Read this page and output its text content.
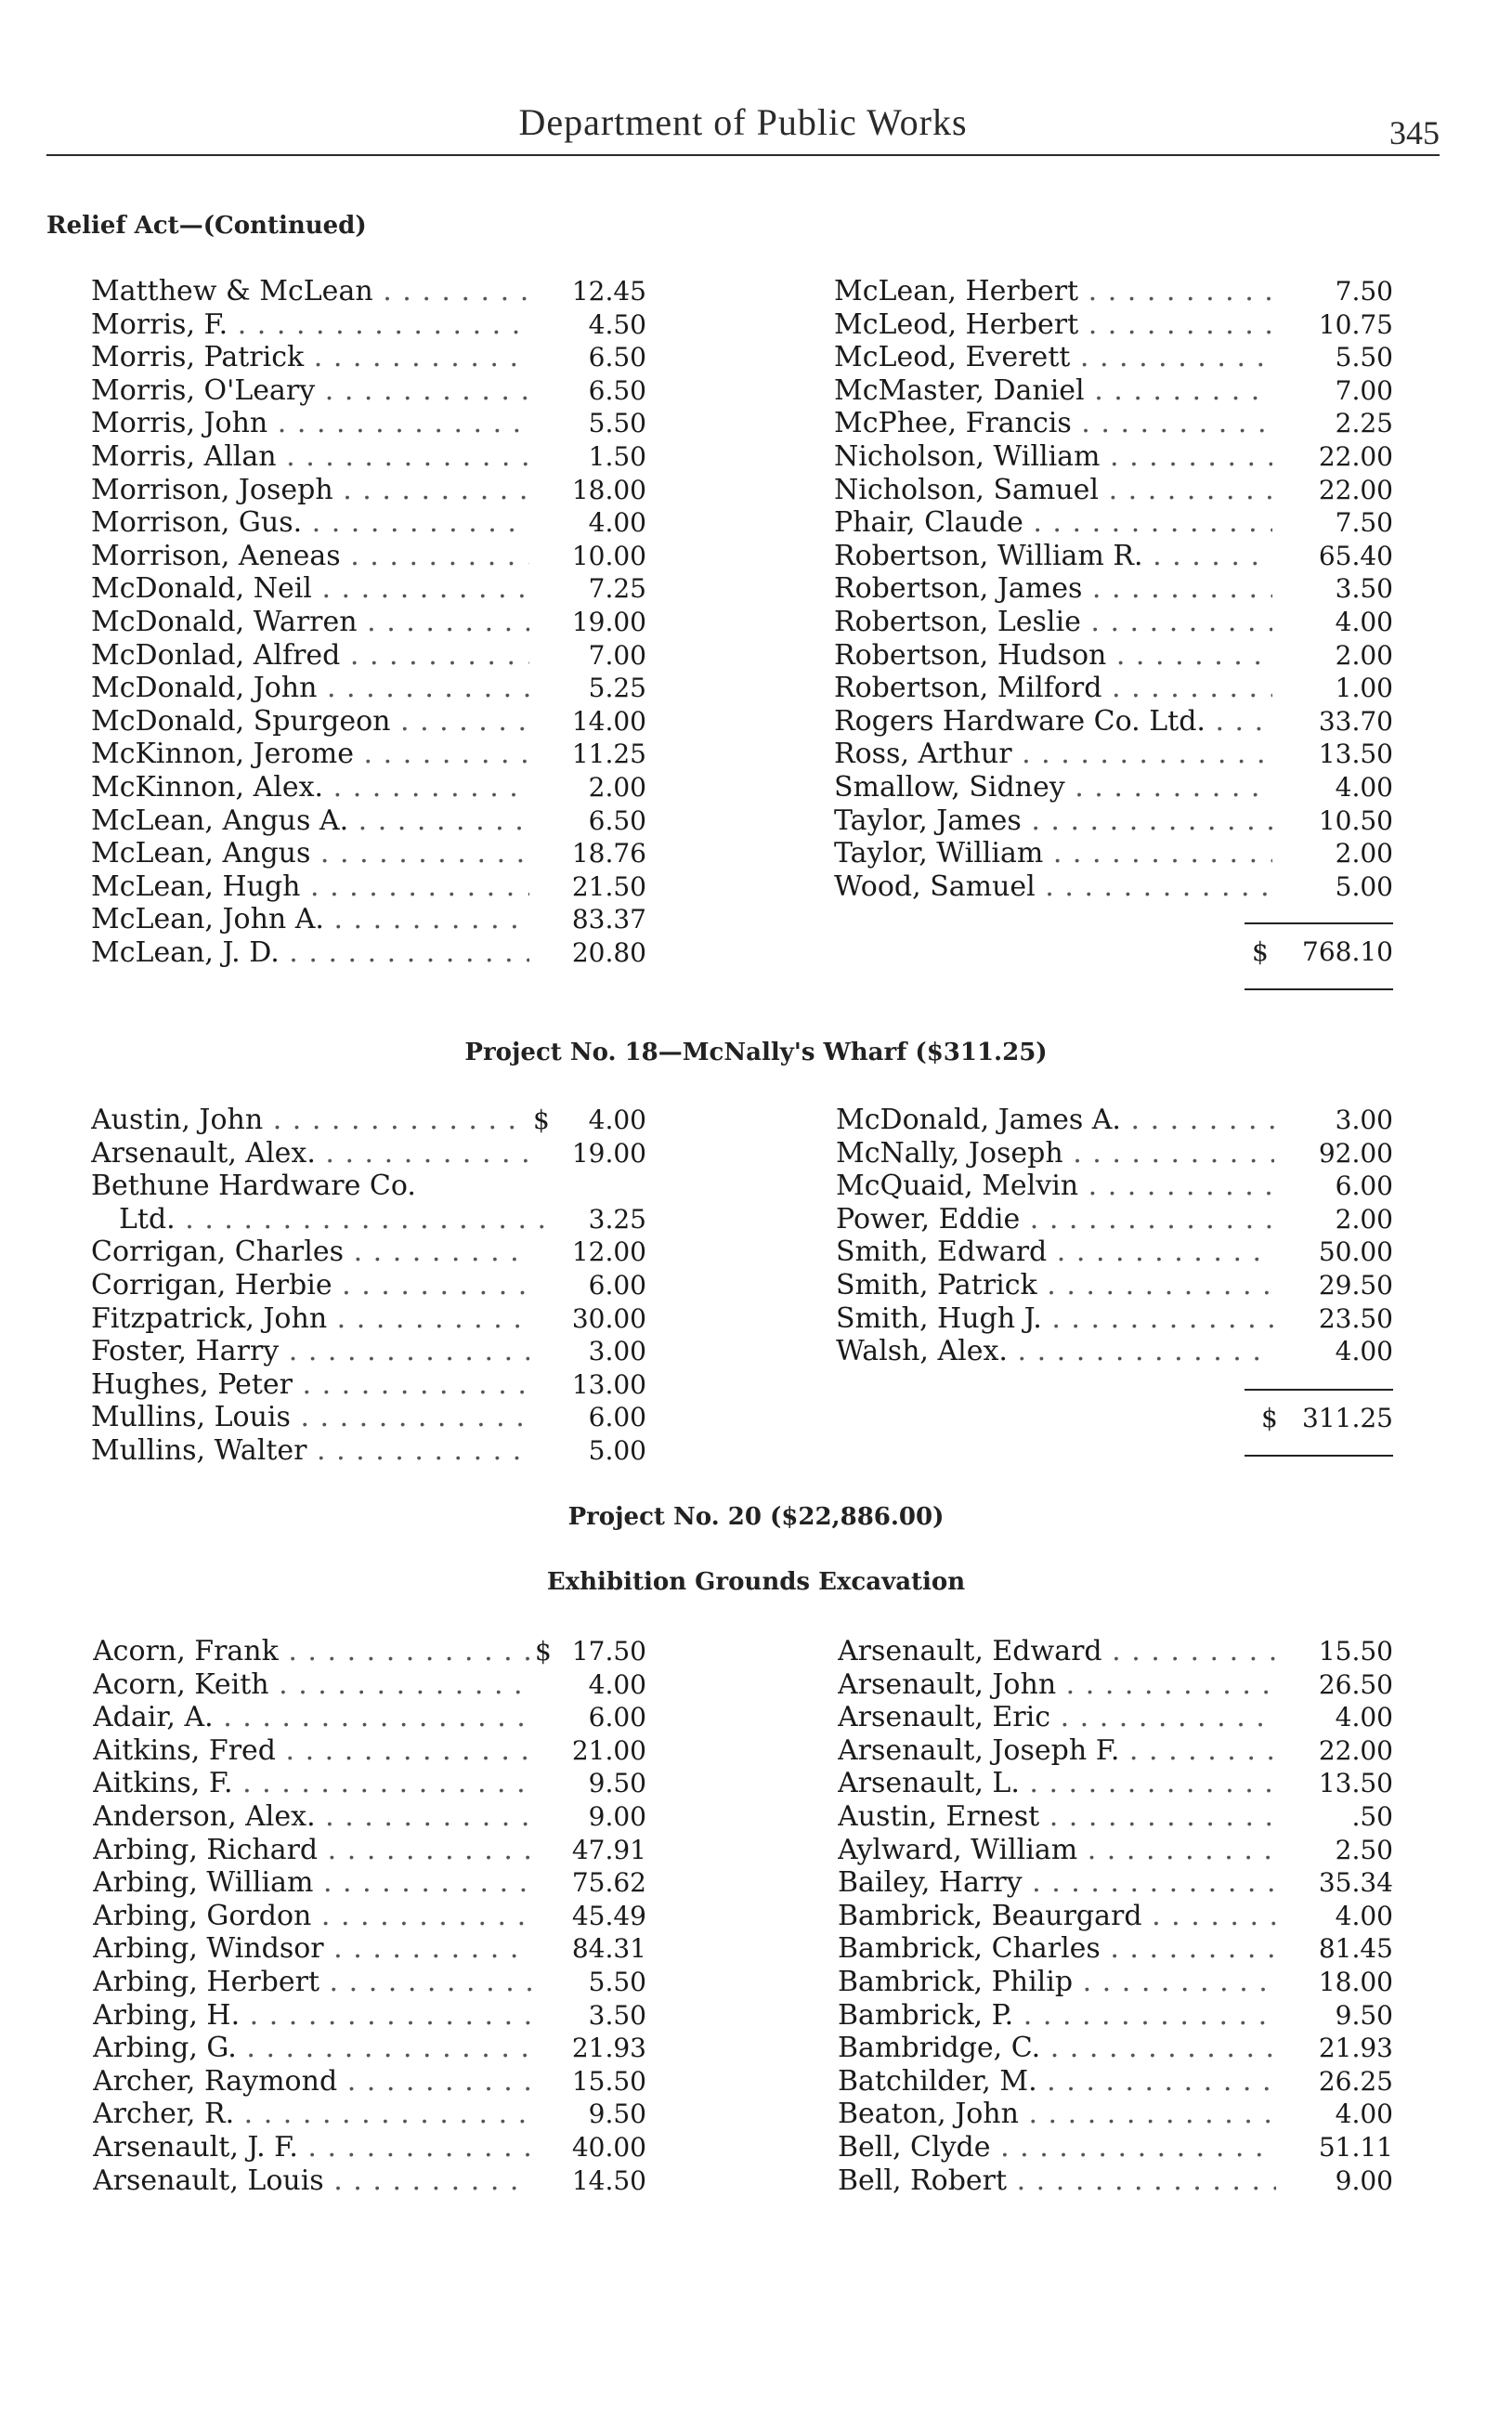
Department of Public Works	345
Relief Act—(Continued)
Matthew & McLean . . .	12.45
Morris, F. . . .	4.50
Morris, Patrick . . .	6.50
Morris, O'Leary . . .	6.50
Morris, John . . .	5.50
Morris, Allan . . .	1.50
Morrison, Joseph . . .	18.00
Morrison, Gus. . . .	4.00
Morrison, Aeneas . . .	10.00
McDonald, Neil . . .	7.25
McDonald, Warren . . .	19.00
McDonlad, Alfred . . .	7.00
McDonald, John . . .	5.25
McDonald, Spurgeon . . .	14.00
McKinnon, Jerome . . .	11.25
McKinnon, Alex. . . .	2.00
McLean, Angus A. . . .	6.50
McLean, Angus . . .	18.76
McLean, Hugh . . .	21.50
McLean, John A. . . .	83.37
McLean, J. D. . . .	20.80
McLean, Herbert . . .	7.50
McLeod, Herbert . . .	10.75
McLeod, Everett . . .	5.50
McMaster, Daniel . . .	7.00
McPhee, Francis . . .	2.25
Nicholson, William . . .	22.00
Nicholson, Samuel . . .	22.00
Phair, Claude . . .	7.50
Robertson, William R. . . .	65.40
Robertson, James . . .	3.50
Robertson, Leslie . . .	4.00
Robertson, Hudson . . .	2.00
Robertson, Milford . . .	1.00
Rogers Hardware Co. Ltd. . . .	33.70
Ross, Arthur . . .	13.50
Smallow, Sidney . . .	4.00
Taylor, James . . .	10.50
Taylor, William . . .	2.00
Wood, Samuel . . .	5.00
$ 768.10
Project No. 18—McNally's Wharf ($311.25)
Austin, John . . .	$ 4.00
Arsenault, Alex. . . .	19.00
Bethune Hardware Co.
Ltd. . . .	3.25
Corrigan, Charles . . .	12.00
Corrigan, Herbie . . .	6.00
Fitzpatrick, John . . .	30.00
Foster, Harry . . .	3.00
Hughes, Peter . . .	13.00
Mullins, Louis . . .	6.00
Mullins, Walter . . .	5.00
McDonald, James A. . . .	3.00
McNally, Joseph . . .	92.00
McQuaid, Melvin . . .	6.00
Power, Eddie . . .	2.00
Smith, Edward . . .	50.00
Smith, Patrick . . .	29.50
Smith, Hugh J. . . .	23.50
Walsh, Alex. . . .	4.00
$ 311.25
Project No. 20 ($22,886.00)
Exhibition Grounds Excavation
Acorn, Frank . . .	$ 17.50
Acorn, Keith . . .	4.00
Adair, A. . . .	6.00
Aitkins, Fred . . .	21.00
Aitkins, F. . . .	9.50
Anderson, Alex. . . .	9.00
Arbing, Richard . . .	47.91
Arbing, William . . .	75.62
Arbing, Gordon . . .	45.49
Arbing, Windsor . . .	84.31
Arbing, Herbert . . .	5.50
Arbing, H. . . .	3.50
Arbing, G. . . .	21.93
Archer, Raymond . . .	15.50
Archer, R. . . .	9.50
Arsenault, J. F. . . .	40.00
Arsenault, Louis . . .	14.50
Arsenault, Edward . . .	15.50
Arsenault, John . . .	26.50
Arsenault, Eric . . .	4.00
Arsenault, Joseph F. . . .	22.00
Arsenault, L. . . .	13.50
Austin, Ernest . . .	.50
Aylward, William . . .	2.50
Bailey, Harry . . .	35.34
Bambrick, Beaurgard . . .	4.00
Bambrick, Charles . . .	81.45
Bambrick, Philip . . .	18.00
Bambrick, P. . . .	9.50
Bambridge, C. . . .	21.93
Batchilder, M. . . .	26.25
Beaton, John . . .	4.00
Bell, Clyde . . .	51.11
Bell, Robert . . .	9.00
